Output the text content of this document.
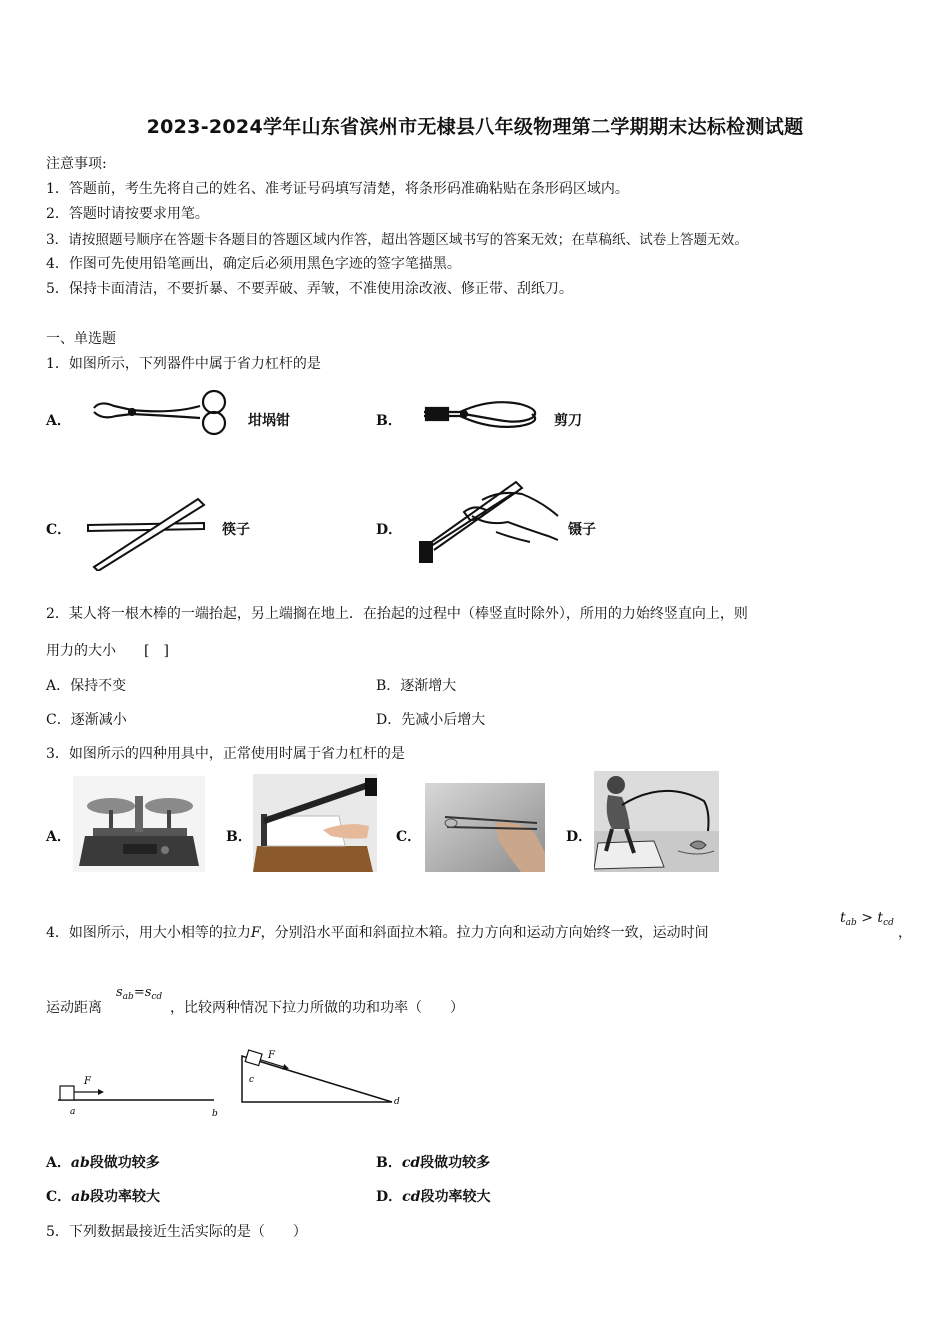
2023-2024学年山东省滨州市无棣县八年级物理第二学期期末达标检测试题
注意事项:
1．答题前，考生先将自己的姓名、准考证号码填写清楚，将条形码准确粘贴在条形码区域内。
2．答题时请按要求用笔。
3．请按照题号顺序在答题卡各题目的答题区域内作答，超出答题区域书写的答案无效；在草稿纸、试卷上答题无效。
4．作图可先使用铅笔画出，确定后必须用黑色字迹的签字笔描黑。
5．保持卡面清洁，不要折暴、不要弄破、弄皱，不准使用涂改液、修正带、刮纸刀。
一、单选题
1．如图所示，下列器件中属于省力杠杆的是
A．	坩埚钳	B．	剪刀
C．	筷子	D．	镊子
2．某人将一根木棒的一端抬起，另上端搁在地上．在抬起的过程中（棒竖直时除外），所用的力始终竖直向上，则
用力的大小　　[　]
A．保持不变	B．逐渐增大
C．逐渐减小	D．先减小后增大
3．如图所示的四种用具中，正常使用时属于省力杠杆的是
A．	B．	C．	D．
4．如图所示，用大小相等的拉力F，分别沿水平面和斜面拉木箱。拉力方向和运动方向始终一致，运动时间
$t_{ab} > t_{cd}$
，
运动距离
$s_{ab}=s_{cd}$
，比较两种情况下拉力所做的功和功率（　　）
F
a	b
F
c
d
A．ab段做功较多	B．cd段做功较多
C．ab段功率较大	D．cd段功率较大
5．下列数据最接近生活实际的是（　　）
